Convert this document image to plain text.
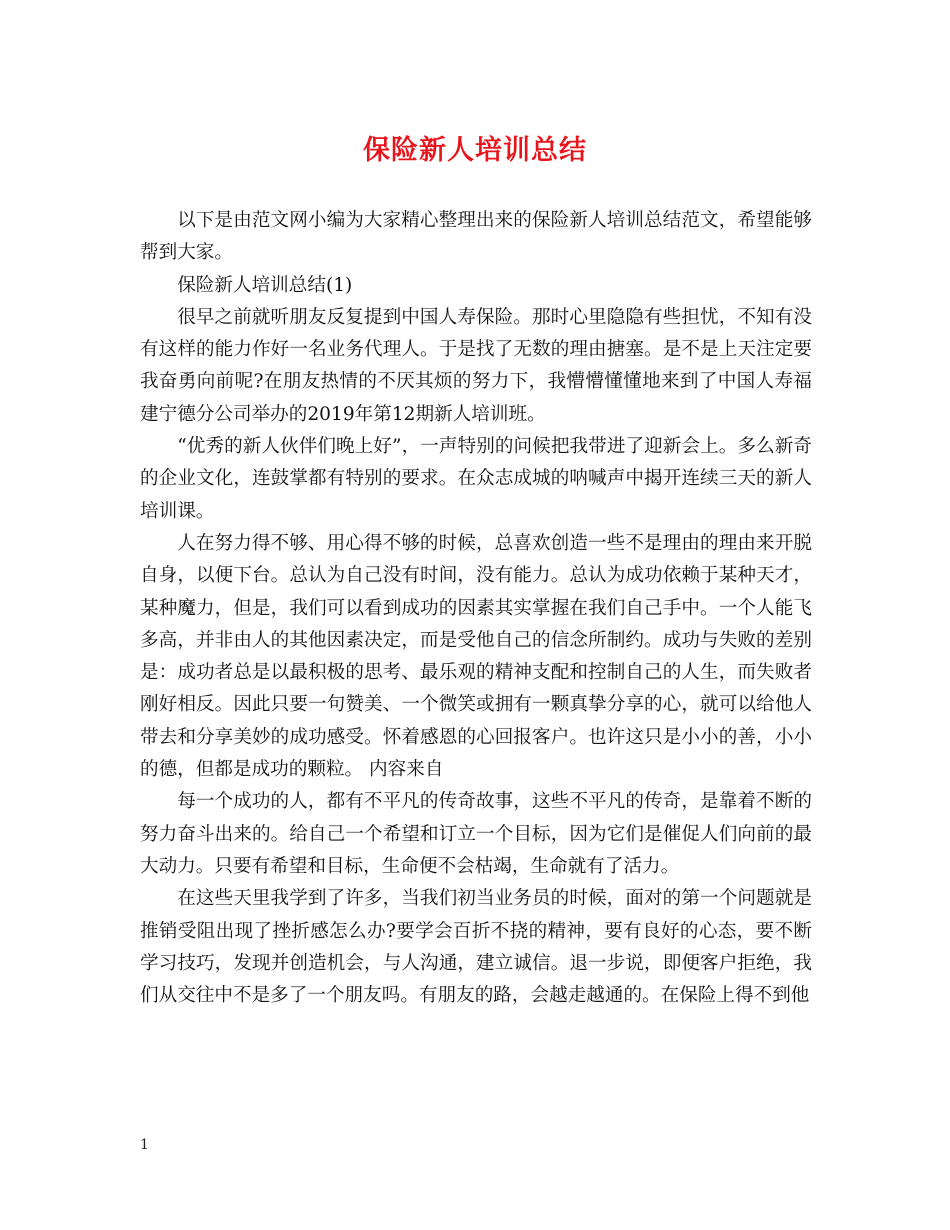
保险新人培训总结

以下是由范文网小编为大家精心整理出来的保险新人培训总结范文，希望能够帮到大家。

保险新人培训总结(1)

很早之前就听朋友反复提到中国人寿保险。那时心里隐隐有些担忧，不知有没有这样的能力作好一名业务代理人。于是找了无数的理由搪塞。是不是上天注定要我奋勇向前呢?在朋友热情的不厌其烦的努力下，我懵懵懂懂地来到了中国人寿福建宁德分公司举办的2019年第12期新人培训班。

“优秀的新人伙伴们晚上好”，一声特别的问候把我带进了迎新会上。多么新奇的企业文化，连鼓掌都有特别的要求。在众志成城的呐喊声中揭开连续三天的新人培训课。

人在努力得不够、用心得不够的时候，总喜欢创造一些不是理由的理由来开脱自身，以便下台。总认为自己没有时间，没有能力。总认为成功依赖于某种天才，某种魔力，但是，我们可以看到成功的因素其实掌握在我们自己手中。一个人能飞多高，并非由人的其他因素决定，而是受他自己的信念所制约。成功与失败的差别是：成功者总是以最积极的思考、最乐观的精神支配和控制自己的人生，而失败者刚好相反。因此只要一句赞美、一个微笑或拥有一颗真挚分享的心，就可以给他人带去和分享美妙的成功感受。怀着感恩的心回报客户。也许这只是小小的善，小小的德，但都是成功的颗粒。 内容来自

每一个成功的人，都有不平凡的传奇故事，这些不平凡的传奇，是靠着不断的努力奋斗出来的。给自己一个希望和订立一个目标，因为它们是催促人们向前的最大动力。只要有希望和目标，生命便不会枯竭，生命就有了活力。

在这些天里我学到了许多，当我们初当业务员的时候，面对的第一个问题就是推销受阻出现了挫折感怎么办?要学会百折不挠的精神，要有良好的心态，要不断学习技巧，发现并创造机会，与人沟通，建立诚信。退一步说，即便客户拒绝，我们从交往中不是多了一个朋友吗。有朋友的路，会越走越通的。在保险上得不到他

1
